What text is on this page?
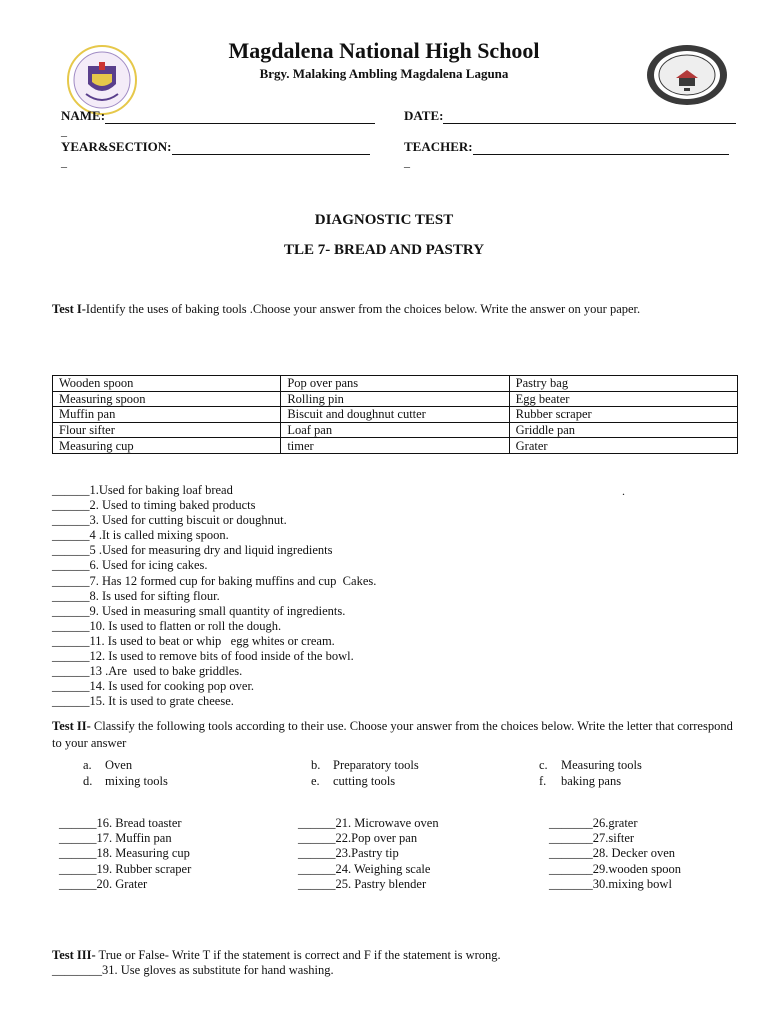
Magdalena National High School
Brgy. Malaking Ambling Magdalena Laguna
NAME:
_
DATE:
YEAR&SECTION:
_
TEACHER:
_
DIAGNOSTIC TEST
TLE 7- BREAD AND PASTRY
Test I-Identify the uses of baking tools .Choose your answer from the choices below. Write the answer on your paper.
Wooden spoon	Pop over pans	Pastry bag
Measuring spoon	Rolling pin	Egg beater
Muffin pan	Biscuit and doughnut cutter	Rubber scraper
Flour sifter	Loaf pan	Griddle pan
Measuring cup	timer	Grater
______1.Used for baking loaf bread
______2. Used to timing baked products
______3. Used for cutting biscuit or doughnut.
______4 .It is called mixing spoon.
______5 .Used for measuring dry and liquid ingredients
______6. Used for icing cakes.
______7. Has 12 formed cup for baking muffins and cup  Cakes.
______8. Is used for sifting flour.
______9. Used in measuring small quantity of ingredients.
______10. Is used to flatten or roll the dough.
______11. Is used to beat or whip   egg whites or cream.
______12. Is used to remove bits of food inside of the bowl.
______13 .Are  used to bake griddles.
______14. Is used for cooking pop over.
______15. It is used to grate cheese.
.
Test II- Classify the following tools according to their use. Choose your answer from the choices below. Write the letter that correspond to your answer
a. Oven	b. Preparatory tools	c. Measuring tools
d. mixing tools	e. cutting tools	f. baking pans
______16. Bread toaster
______17. Muffin pan
______18. Measuring cup
______19. Rubber scraper
______20. Grater
______21. Microwave oven
______22.Pop over pan
______23.Pastry tip
______24. Weighing scale
______25. Pastry blender
_______26.grater
_______27.sifter
_______28. Decker oven
_______29.wooden spoon
_______30.mixing bowl
Test III- True or False- Write T if the statement is correct and F if the statement is wrong.
________31. Use gloves as substitute for hand washing.
